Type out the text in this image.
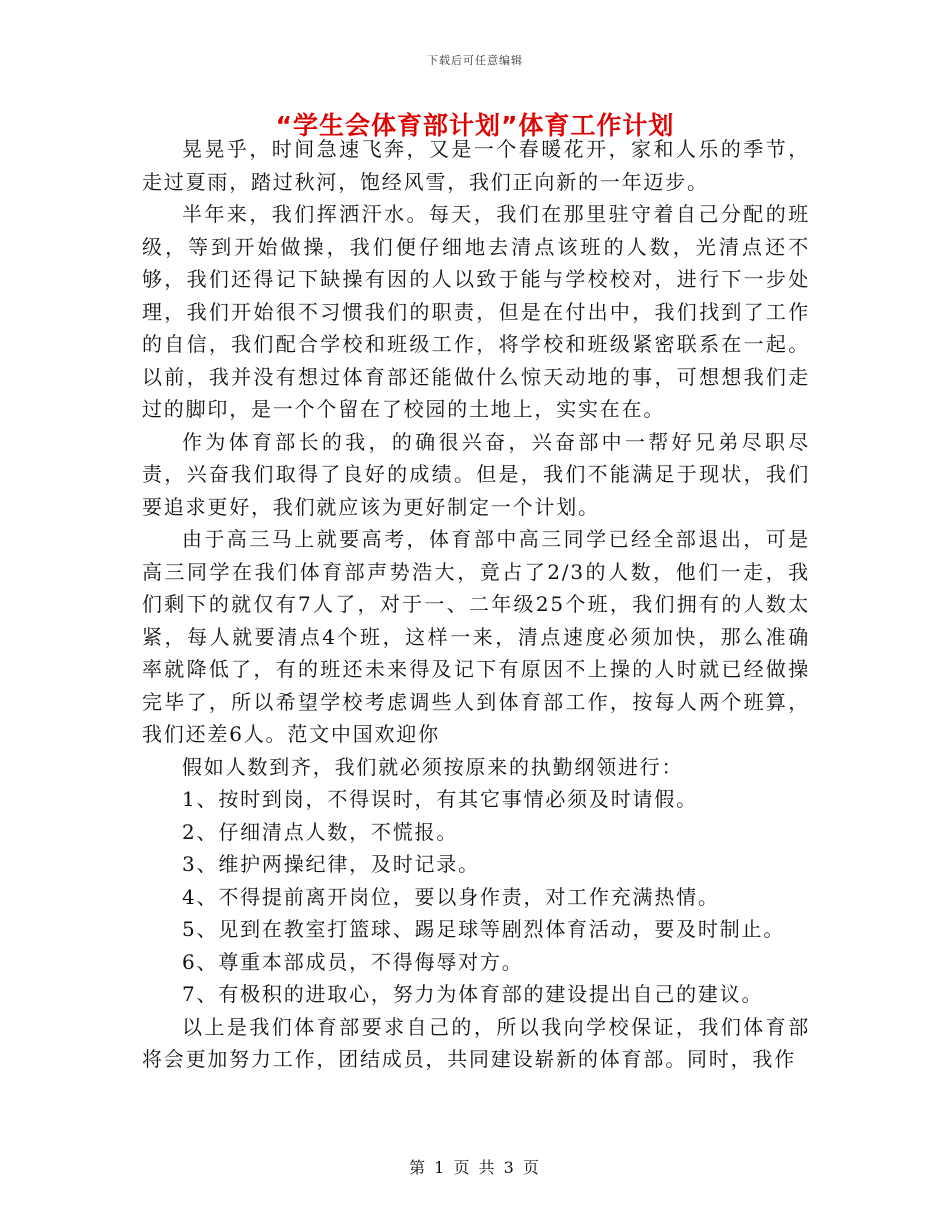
下载后可任意编辑
“学生会体育部计划”体育工作计划

晃晃乎，时间急速飞奔，又是一个春暖花开，家和人乐的季节，走过夏雨，踏过秋河，饱经风雪，我们正向新的一年迈步。

半年来，我们挥洒汗水。每天，我们在那里驻守着自己分配的班级，等到开始做操，我们便仔细地去清点该班的人数，光清点还不够，我们还得记下缺操有因的人以致于能与学校校对，进行下一步处理，我们开始很不习惯我们的职责，但是在付出中，我们找到了工作的自信，我们配合学校和班级工作，将学校和班级紧密联系在一起。以前，我并没有想过体育部还能做什么惊天动地的事，可想想我们走过的脚印，是一个个留在了校园的土地上，实实在在。

作为体育部长的我，的确很兴奋，兴奋部中一帮好兄弟尽职尽责，兴奋我们取得了良好的成绩。但是，我们不能满足于现状，我们要追求更好，我们就应该为更好制定一个计划。

由于高三马上就要高考，体育部中高三同学已经全部退出，可是高三同学在我们体育部声势浩大，竟占了2/3的人数，他们一走，我们剩下的就仅有7人了，对于一、二年级25个班，我们拥有的人数太紧，每人就要清点4个班，这样一来，清点速度必须加快，那么准确率就降低了，有的班还未来得及记下有原因不上操的人时就已经做操完毕了，所以希望学校考虑调些人到体育部工作，按每人两个班算，我们还差6人。范文中国欢迎你

假如人数到齐，我们就必须按原来的执勤纲领进行：

1、按时到岗，不得误时，有其它事情必须及时请假。

2、仔细清点人数，不慌报。

3、维护两操纪律，及时记录。

4、不得提前离开岗位，要以身作责，对工作充满热情。

5、见到在教室打篮球、踢足球等剧烈体育活动，要及时制止。

6、尊重本部成员，不得侮辱对方。

7、有极积的进取心，努力为体育部的建设提出自己的建议。

以上是我们体育部要求自己的，所以我向学校保证，我们体育部将会更加努力工作，团结成员，共同建设崭新的体育部。同时，我作

第 1 页 共 3 页
